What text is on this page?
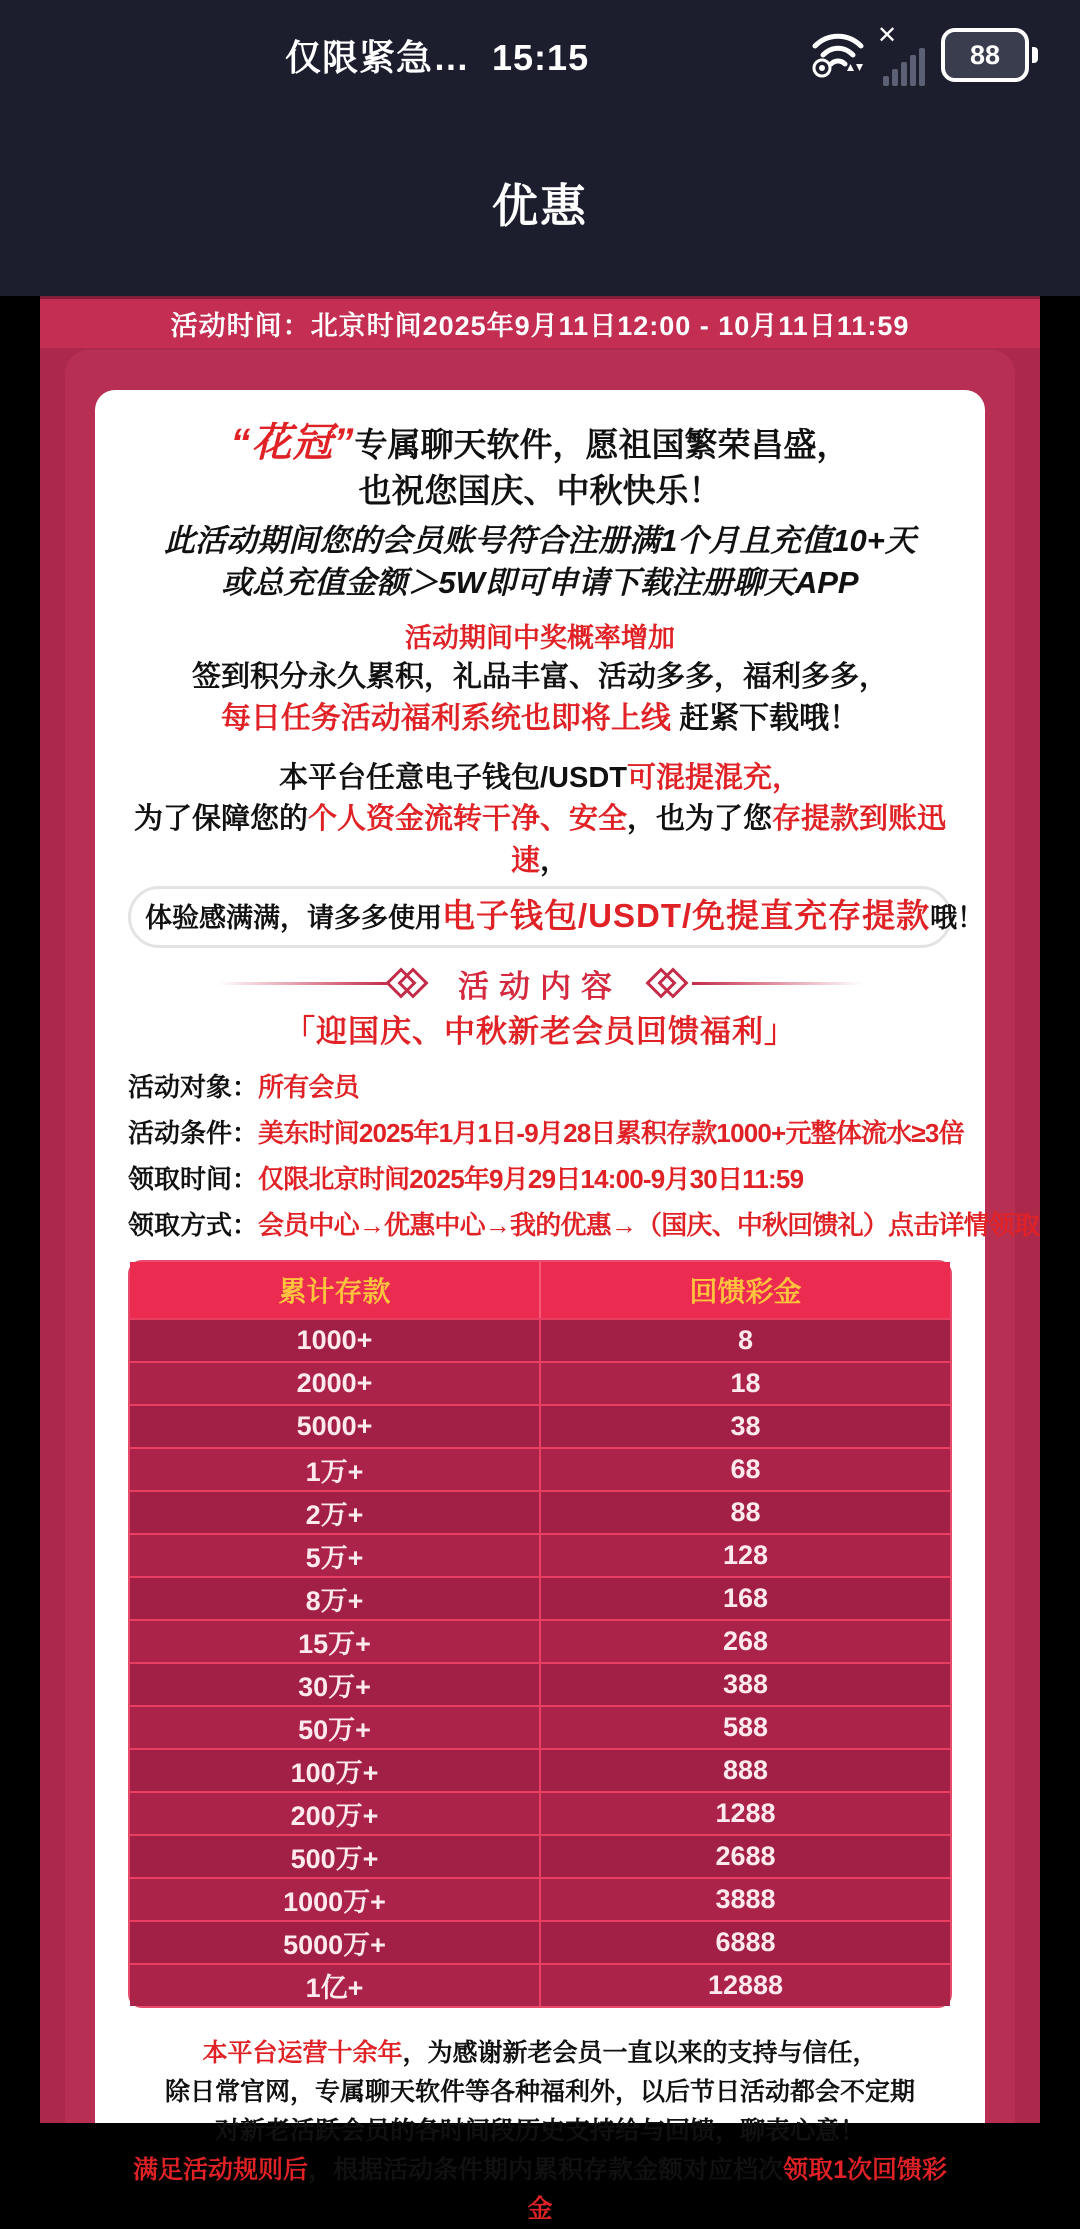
仅限紧急… 15:15
✕
88
优惠
活动时间：北京时间2025年9月11日12:00 - 10月11日11:59
“花冠”专属聊天软件，愿祖国繁荣昌盛，
也祝您国庆、中秋快乐！
此活动期间您的会员账号符合注册满1个月且充值10+天
或总充值金额＞5W即可申请下载注册聊天APP
活动期间中奖概率增加
签到积分永久累积，礼品丰富、活动多多，福利多多，
每日任务活动福利系统也即将上线 赶紧下载哦！
本平台任意电子钱包/USDT可混提混充，
为了保障您的个人资金流转干净、安全，也为了您存提款到账迅速，
体验感满满，请多多使用电子钱包/USDT/免提直充存提款哦！
活动内容
「迎国庆、中秋新老会员回馈福利」
活动对象： 所有会员
活动条件： 美东时间2025年1月1日-9月28日累积存款1000+元整体流水≥3倍
领取时间： 仅限北京时间2025年9月29日14:00-9月30日11:59
领取方式： 会员中心→优惠中心→我的优惠→（国庆、中秋回馈礼）点击详情领取
累计存款	回馈彩金
1000+	8
2000+	18
5000+	38
1万+	68
2万+	88
5万+	128
8万+	168
15万+	268
30万+	388
50万+	588
100万+	888
200万+	1288
500万+	2688
1000万+	3888
5000万+	6888
1亿+	12888
本平台运营十余年，为感谢新老会员一直以来的支持与信任，
除日常官网，专属聊天软件等各种福利外，以后节日活动都会不定期
对新老活跃会员的各时间段历史支持给与回馈，聊表心意！
满足活动规则后，根据活动条件期内累积存款金额对应档次领取1次回馈彩金
